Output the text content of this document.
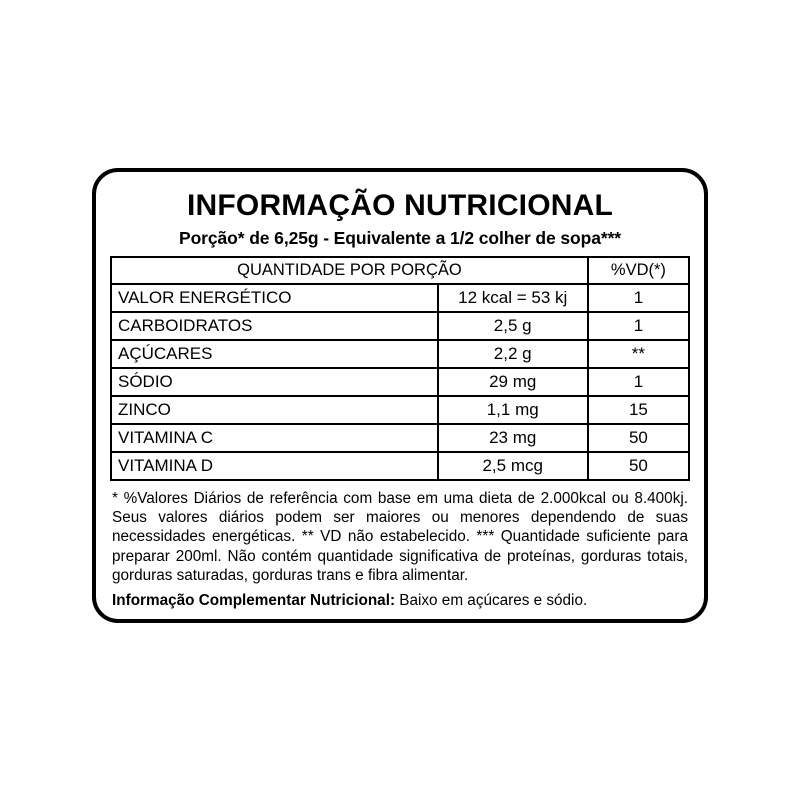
INFORMAÇÃO NUTRICIONAL
Porção* de 6,25g - Equivalente a 1/2 colher de sopa***
QUANTIDADE POR PORÇÃO		%VD(*)
VALOR ENERGÉTICO	12 kcal = 53 kj	1
CARBOIDRATOS	2,5 g	1
AÇÚCARES	2,2 g	**
SÓDIO	29 mg	1
ZINCO	1,1 mg	15
VITAMINA C	23 mg	50
VITAMINA D	2,5 mcg	50

* %Valores Diários de referência com base em uma dieta de 2.000kcal ou 8.400kj. Seus valores diários podem ser maiores ou menores dependendo de suas necessidades energéticas. ** VD não estabelecido. *** Quantidade suficiente para preparar 200ml. Não contém quantidade significativa de proteínas, gorduras totais, gorduras saturadas, gorduras trans e fibra alimentar.

Informação Complementar Nutricional: Baixo em açúcares e sódio.
